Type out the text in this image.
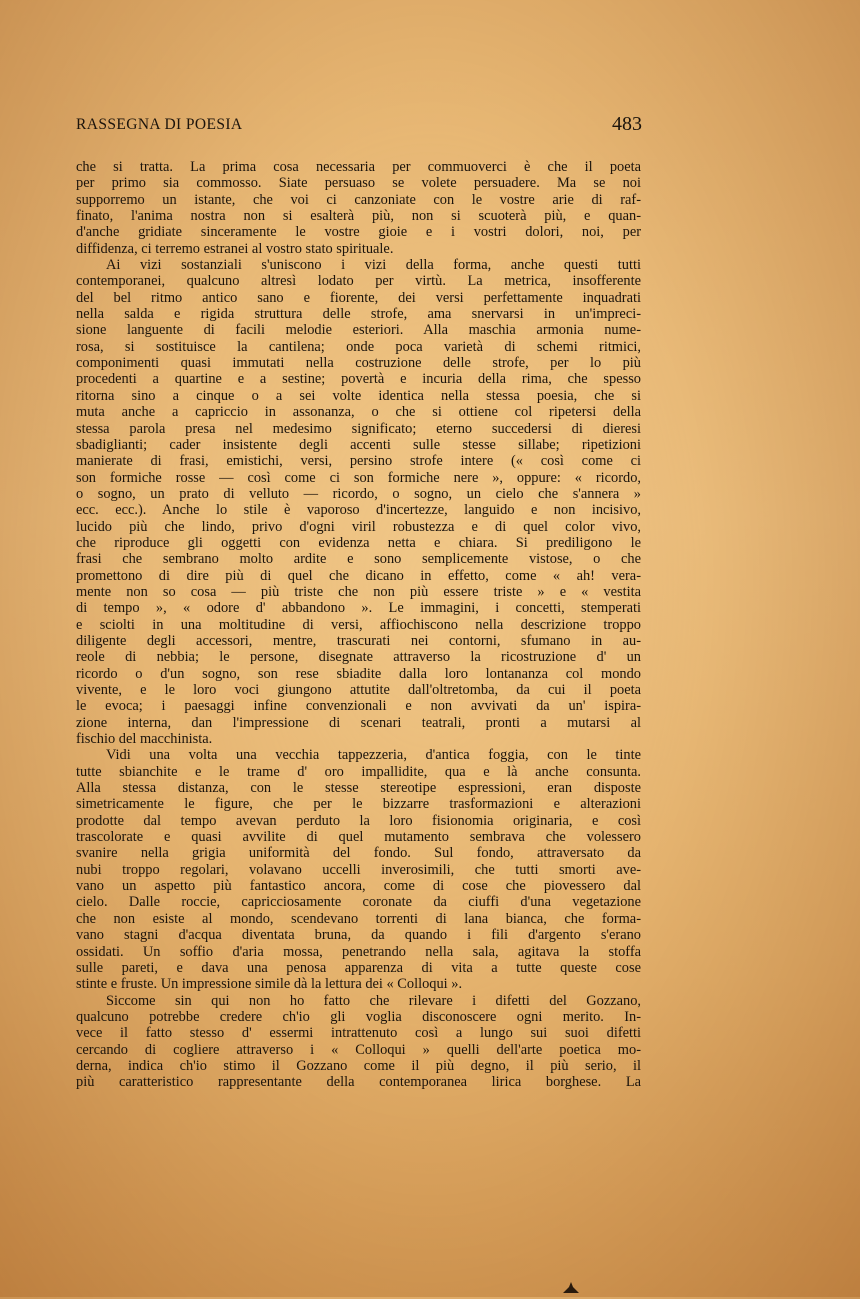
RASSEGNA DI POESIA	483
che si tratta. La prima cosa necessaria per commuoverci è che il poeta
per primo sia commosso. Siate persuaso se volete persuadere. Ma se noi
supporremo un istante, che voi ci canzoniate con le vostre arie di raf-
finato, l'anima nostra non si esalterà più, non si scuoterà più, e quan-
d'anche gridiate sinceramente le vostre gioie e i vostri dolori, noi, per
diffidenza, ci terremo estranei al vostro stato spirituale.
Ai vizi sostanziali s'uniscono i vizi della forma, anche questi tutti
contemporanei, qualcuno altresì lodato per virtù. La metrica, insofferente
del bel ritmo antico sano e fiorente, dei versi perfettamente inquadrati
nella salda e rigida struttura delle strofe, ama snervarsi in un'impreci-
sione languente di facili melodie esteriori. Alla maschia armonia nume-
rosa, si sostituisce la cantilena; onde poca varietà di schemi ritmici,
componimenti quasi immutati nella costruzione delle strofe, per lo più
procedenti a quartine e a sestine; povertà e incuria della rima, che spesso
ritorna sino a cinque o a sei volte identica nella stessa poesia, che si
muta anche a capriccio in assonanza, o che si ottiene col ripetersi della
stessa parola presa nel medesimo significato; eterno succedersi di dieresi
sbadiglianti; cader insistente degli accenti sulle stesse sillabe; ripetizioni
manierate di frasi, emistichi, versi, persino strofe intere (« così come ci
son formiche rosse — così come ci son formiche nere », oppure: « ricordo,
o sogno, un prato di velluto — ricordo, o sogno, un cielo che s'annera »
ecc. ecc.). Anche lo stile è vaporoso d'incertezze, languido e non incisivo,
lucido più che lindo, privo d'ogni viril robustezza e di quel color vivo,
che riproduce gli oggetti con evidenza netta e chiara. Si prediligono le
frasi che sembrano molto ardite e sono semplicemente vistose, o che
promettono di dire più di quel che dicano in effetto, come « ah! vera-
mente non so cosa — più triste che non più essere triste » e « vestita
di tempo », « odore d' abbandono ». Le immagini, i concetti, stemperati
e sciolti in una moltitudine di versi, affiochiscono nella descrizione troppo
diligente degli accessori, mentre, trascurati nei contorni, sfumano in au-
reole di nebbia; le persone, disegnate attraverso la ricostruzione d' un
ricordo o d'un sogno, son rese sbiadite dalla loro lontananza col mondo
vivente, e le loro voci giungono attutite dall'oltretomba, da cui il poeta
le evoca; i paesaggi infine convenzionali e non avvivati da un' ispira-
zione interna, dan l'impressione di scenari teatrali, pronti a mutarsi al
fischio del macchinista.
Vidi una volta una vecchia tappezzeria, d'antica foggia, con le tinte
tutte sbianchite e le trame d' oro impallidite, qua e là anche consunta.
Alla stessa distanza, con le stesse stereotipe espressioni, eran disposte
simetricamente le figure, che per le bizzarre trasformazioni e alterazioni
prodotte dal tempo avevan perduto la loro fisionomia originaria, e così
trascolorate e quasi avvilite di quel mutamento sembrava che volessero
svanire nella grigia uniformità del fondo. Sul fondo, attraversato da
nubi troppo regolari, volavano uccelli inverosimili, che tutti smorti ave-
vano un aspetto più fantastico ancora, come di cose che piovessero dal
cielo. Dalle roccie, capricciosamente coronate da ciuffi d'una vegetazione
che non esiste al mondo, scendevano torrenti di lana bianca, che forma-
vano stagni d'acqua diventata bruna, da quando i fili d'argento s'erano
ossidati. Un soffio d'aria mossa, penetrando nella sala, agitava la stoffa
sulle pareti, e dava una penosa apparenza di vita a tutte queste cose
stinte e fruste. Un impressione simile dà la lettura dei « Colloqui ».
Siccome sin qui non ho fatto che rilevare i difetti del Gozzano,
qualcuno potrebbe credere ch'io gli voglia disconoscere ogni merito. In-
vece il fatto stesso d' essermi intrattenuto così a lungo sui suoi difetti
cercando di cogliere attraverso i « Colloqui » quelli dell'arte poetica mo-
derna, indica ch'io stimo il Gozzano come il più degno, il più serio, il
più caratteristico rappresentante della contemporanea lirica borghese. La
